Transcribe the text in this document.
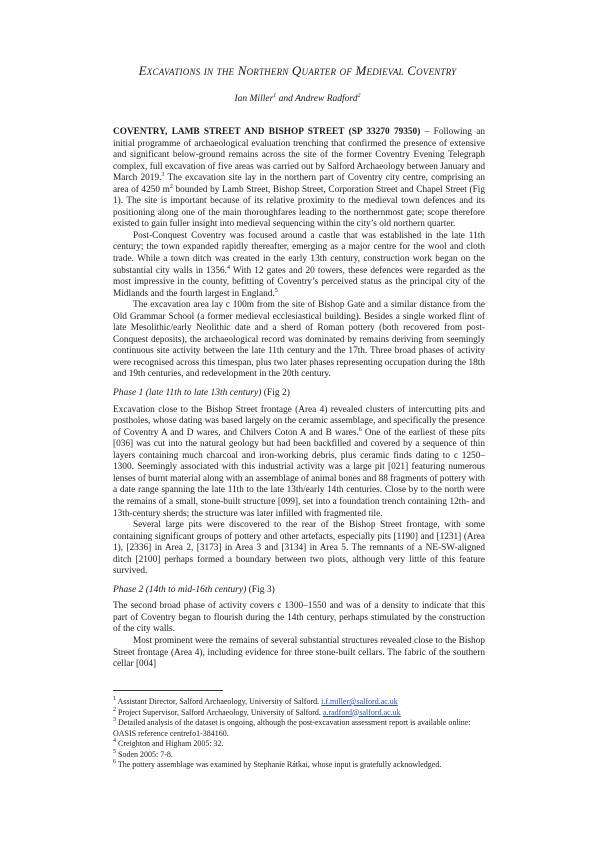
Excavations in the Northern Quarter of Medieval Coventry
Ian Miller$^1$ and Andrew Radford$^2$

COVENTRY, LAMB STREET AND BISHOP STREET (SP 33270 79350) – Following an initial programme of archaeological evaluation trenching that confirmed the presence of extensive and significant below-ground remains across the site of the former Coventry Evening Telegraph complex, full excavation of five areas was carried out by Salford Archaeology between January and March 2019.$^3$ The excavation site lay in the northern part of Coventry city centre, comprising an area of 4250 $m^2$ bounded by Lamb Street, Bishop Street, Corporation Street and Chapel Street (Fig 1). The site is important because of its relative proximity to the medieval town defences and its positioning along one of the main thoroughfares leading to the northernmost gate; scope therefore existed to gain fuller insight into medieval sequencing within the city’s old northern quarter.

Post-Conquest Coventry was focused around a castle that was established in the late 11th century; the town expanded rapidly thereafter, emerging as a major centre for the wool and cloth trade. While a town ditch was created in the early 13th century, construction work began on the substantial city walls in 1356.$^4$ With 12 gates and 20 towers, these defences were regarded as the most impressive in the county, befitting of Coventry’s perceived status as the principal city of the Midlands and the fourth largest in England.$^5$

The excavation area lay c 100m from the site of Bishop Gate and a similar distance from the Old Grammar School (a former medieval ecclesiastical building). Besides a single worked flint of late Mesolithic/early Neolithic date and a sherd of Roman pottery (both recovered from post-Conquest deposits), the archaeological record was dominated by remains deriving from seemingly continuous site activity between the late 11th century and the 17th. Three broad phases of activity were recognised across this timespan, plus two later phases representing occupation during the 18th and 19th centuries, and redevelopment in the 20th century.

Phase 1 (late 11th to late 13th century) (Fig 2)

Excavation close to the Bishop Street frontage (Area 4) revealed clusters of intercutting pits and postholes, whose dating was based largely on the ceramic assemblage, and specifically the presence of Coventry A and D wares, and Chilvers Coton A and B wares.$^6$ One of the earliest of these pits [036] was cut into the natural geology but had been backfilled and covered by a sequence of thin layers containing much charcoal and iron-working debris, plus ceramic finds dating to c 1250–1300. Seemingly associated with this industrial activity was a large pit [021] featuring numerous lenses of burnt material along with an assemblage of animal bones and 88 fragments of pottery with a date range spanning the late 11th to the late 13th/early 14th centuries. Close by to the north were the remains of a small, stone-built structure [099], set into a foundation trench containing 12th- and 13th-century sherds; the structure was later infilled with fragmented tile.

Several large pits were discovered to the rear of the Bishop Street frontage, with some containing significant groups of pottery and other artefacts, especially pits [1190] and [1231] (Area 1), [2336] in Area 2, [3173] in Area 3 and [3134] in Area 5. The remnants of a NE-SW-aligned ditch [2100] perhaps formed a boundary between two plots, although very little of this feature survived.

Phase 2 (14th to mid-16th century) (Fig 3)

The second broad phase of activity covers c 1300–1550 and was of a density to indicate that this part of Coventry began to flourish during the 14th century, perhaps stimulated by the construction of the city walls.

Most prominent were the remains of several substantial structures revealed close to the Bishop Street frontage (Area 4), including evidence for three stone-built cellars. The fabric of the southern cellar [004]

$^1$ Assistant Director, Salford Archaeology, University of Salford. i.f.miller@salford.ac.uk
$^2$ Project Supervisor, Salford Archaeology, University of Salford. a.radford@salford.ac.uk
$^3$ Detailed analysis of the dataset is ongoing, although the post-excavation assessment report is available online: OASIS reference centrefo1-384160.
$^4$ Creighton and Higham 2005: 32.
$^5$ Soden 2005: 7-8.
$^6$ The pottery assemblage was examined by Stephanie Rátkai, whose input is gratefully acknowledged.
